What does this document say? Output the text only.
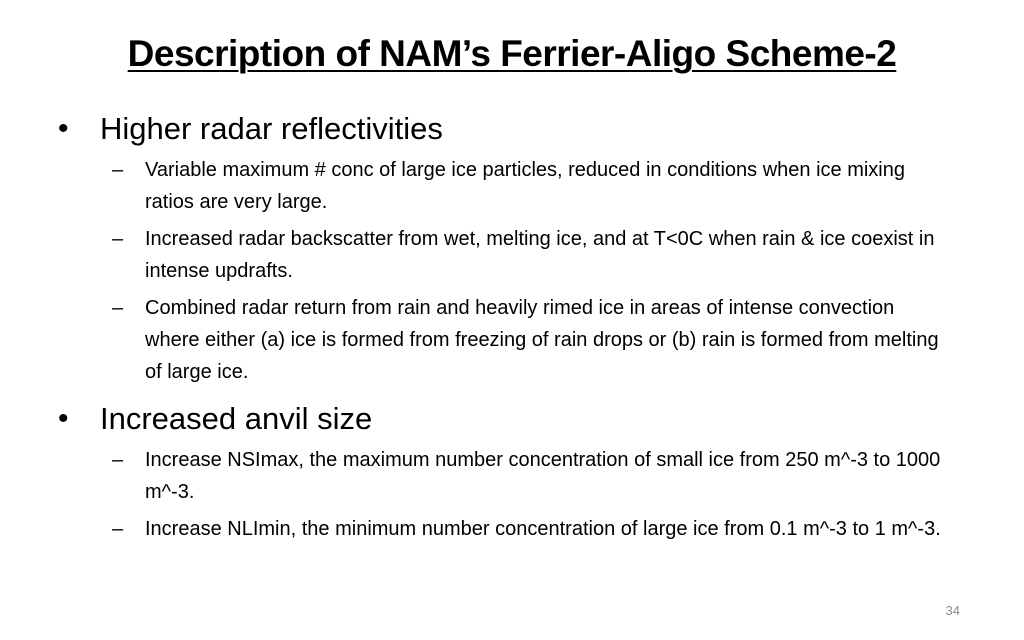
Description of NAM’s Ferrier-Aligo Scheme-2
•	Higher radar reflectivities
–	Variable maximum # conc of large ice particles, reduced in conditions when ice mixing ratios are very large.
–	Increased radar backscatter from wet, melting ice, and at T<0C when rain & ice coexist in intense updrafts.
–	Combined radar return from rain and heavily rimed ice in areas of intense convection where either (a) ice is formed from freezing of rain drops or (b) rain is formed from melting of large ice.
•	Increased anvil size
–	Increase NSImax, the maximum number concentration of small ice from 250 m^-3 to 1000 m^-3.
–	Increase NLImin, the minimum number concentration of large ice from 0.1 m^-3 to 1 m^-3.
34
